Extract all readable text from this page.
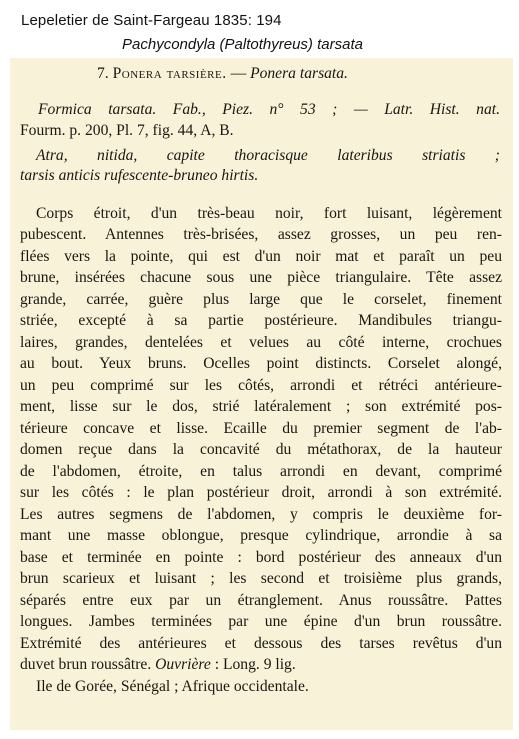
Lepeletier de Saint-Fargeau 1835: 194
Pachycondyla (Paltothyreus) tarsata
7. Ponera tarsière. — Ponera tarsata.
Formica tarsata. Fab., Piez. n° 53 ; — Latr. Hist. nat.
Fourm. p. 200, Pl. 7, fig. 44, A, B.
Atra, nitida, capite thoracisque lateribus striatis ;
tarsis anticis rufescente-bruneo hirtis.
Corps étroit, d'un très-beau noir, fort luisant, légèrement
pubescent. Antennes très-brisées, assez grosses, un peu ren-
flées vers la pointe, qui est d'un noir mat et paraît un peu
brune, insérées chacune sous une pièce triangulaire. Tête assez
grande, carrée, guère plus large que le corselet, finement
striée, excepté à sa partie postérieure. Mandibules triangu-
laires, grandes, dentelées et velues au côté interne, crochues
au bout. Yeux bruns. Ocelles point distincts. Corselet alongé,
un peu comprimé sur les côtés, arrondi et rétréci antérieure-
ment, lisse sur le dos, strié latéralement ; son extrémité pos-
térieure concave et lisse. Ecaille du premier segment de l'ab-
domen reçue dans la concavité du métathorax, de la hauteur
de l'abdomen, étroite, en talus arrondi en devant, comprimé
sur les côtés : le plan postérieur droit, arrondi à son extrémité.
Les autres segmens de l'abdomen, y compris le deuxième for-
mant une masse oblongue, presque cylindrique, arrondie à sa
base et terminée en pointe : bord postérieur des anneaux d'un
brun scarieux et luisant ; les second et troisième plus grands,
séparés entre eux par un étranglement. Anus roussâtre. Pattes
longues. Jambes terminées par une épine d'un brun roussâtre.
Extrémité des antérieures et dessous des tarses revêtus d'un
duvet brun roussâtre. Ouvrière : Long. 9 lig.
Ile de Gorée, Sénégal ; Afrique occidentale.
